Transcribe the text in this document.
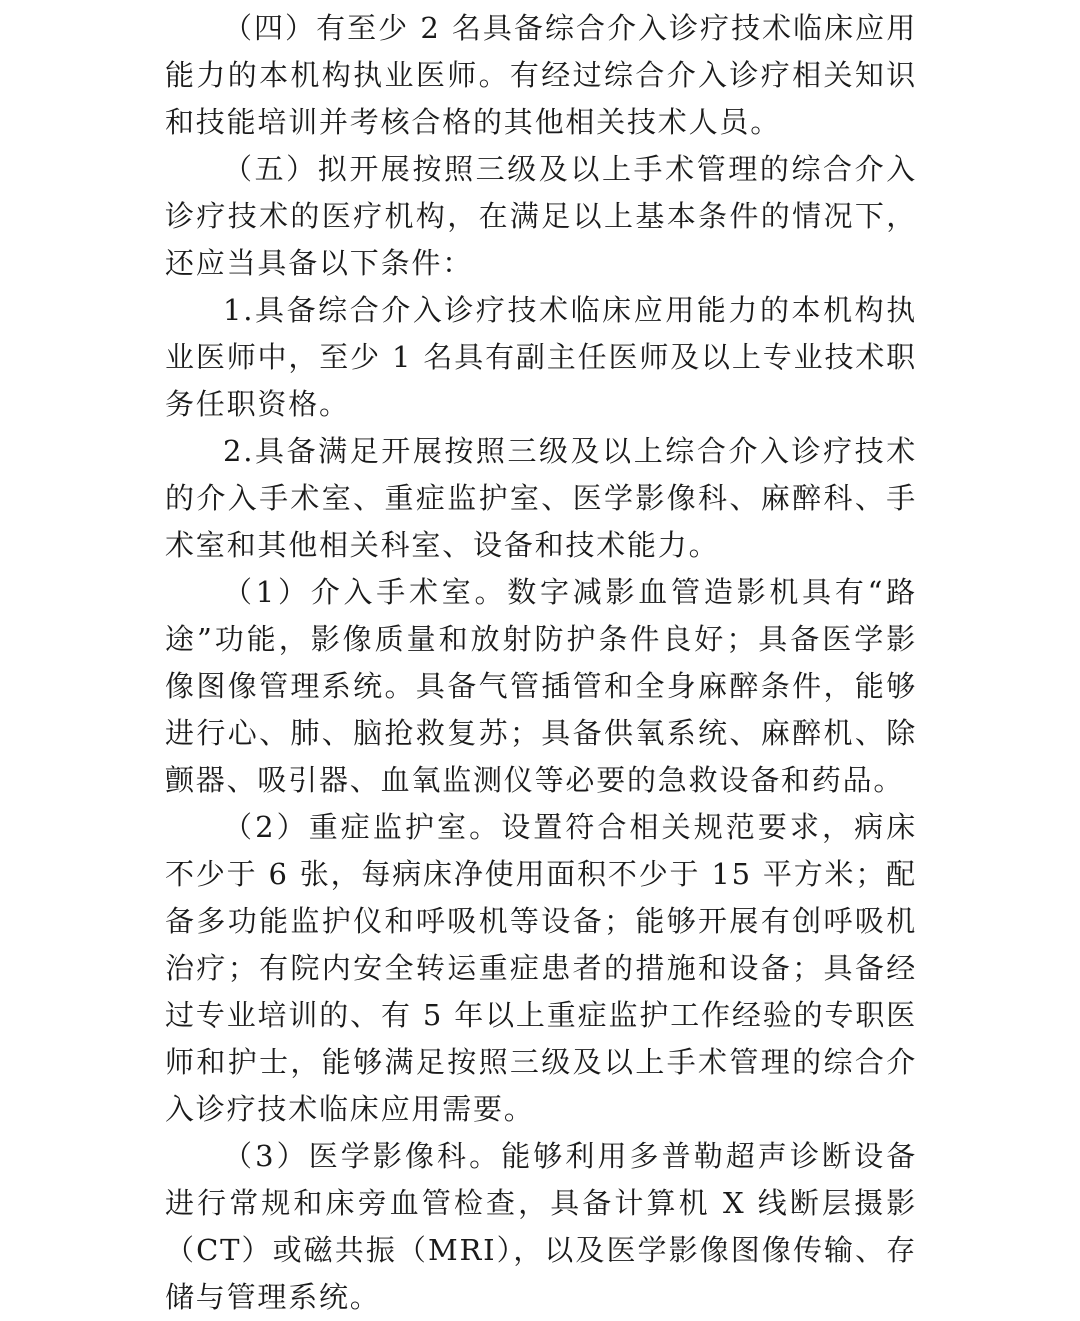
（四）有至少 2 名具备综合介入诊疗技术临床应用能力的本机构执业医师。有经过综合介入诊疗相关知识和技能培训并考核合格的其他相关技术人员。

（五）拟开展按照三级及以上手术管理的综合介入诊疗技术的医疗机构，在满足以上基本条件的情况下，还应当具备以下条件：

1.具备综合介入诊疗技术临床应用能力的本机构执业医师中，至少 1 名具有副主任医师及以上专业技术职务任职资格。

2.具备满足开展按照三级及以上综合介入诊疗技术的介入手术室、重症监护室、医学影像科、麻醉科、手术室和其他相关科室、设备和技术能力。

（1）介入手术室。数字减影血管造影机具有“路途”功能，影像质量和放射防护条件良好；具备医学影像图像管理系统。具备气管插管和全身麻醉条件，能够进行心、肺、脑抢救复苏；具备供氧系统、麻醉机、除颤器、吸引器、血氧监测仪等必要的急救设备和药品。

（2）重症监护室。设置符合相关规范要求，病床不少于 6 张，每病床净使用面积不少于 15 平方米；配备多功能监护仪和呼吸机等设备；能够开展有创呼吸机治疗；有院内安全转运重症患者的措施和设备；具备经过专业培训的、有 5 年以上重症监护工作经验的专职医师和护士，能够满足按照三级及以上手术管理的综合介入诊疗技术临床应用需要。

（3）医学影像科。能够利用多普勒超声诊断设备进行常规和床旁血管检查，具备计算机 X 线断层摄影（CT）或磁共振（MRI），以及医学影像图像传输、存储与管理系统。
